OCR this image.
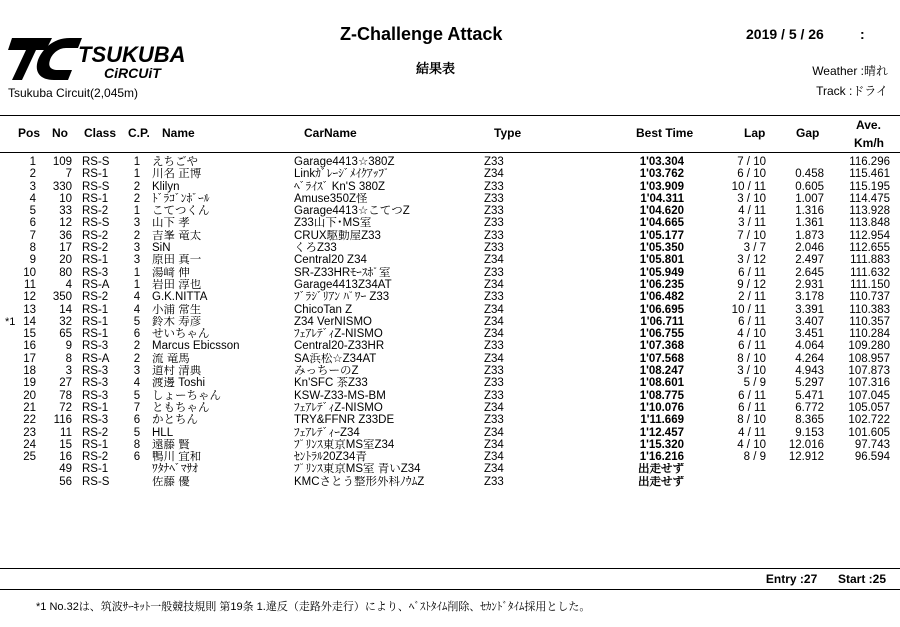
TSUKUBA
CiRCUiT
Tsukuba Circuit(2,045m)
Z-Challenge Attack
結果表
2019 / 5 / 26	:
Weather :晴れ
Track :ドライ
Pos No Class C.P. Name	CarName	Type	Best Time	Lap	Gap
Ave.
Km/h
1	109	RS-S	1	えちごや	Garage4413☆380Z	Z33	1'03.304	7 / 10		116.296
2	7	RS-1	1	川名 正博	Linkｶﾞﾚｰｼﾞﾒｲｸｱｯﾌﾟ	Z34	1'03.762	6 / 10	0.458	115.461
3	330	RS-S	2	Klilyn	ﾍﾞﾗｲｽﾞ Kn'S 380Z	Z33	1'03.909	10 / 11	0.605	115.195
4	10	RS-1	2	ﾄﾞﾗｺﾞﾝﾎﾞｰﾙ	Amuse350Z怪	Z33	1'04.311	3 / 10	1.007	114.475
5	33	RS-2	1	こてつくん	Garage4413☆こてつZ	Z33	1'04.620	4 / 11	1.316	113.928
6	12	RS-S	3	山下 孝	Z33山下･MS室	Z33	1'04.665	3 / 11	1.361	113.848
7	36	RS-2	2	吉峯 竜太	CRUX駆動屋Z33	Z33	1'05.177	7 / 10	1.873	112.954
8	17	RS-2	3	SiN	くろZ33	Z33	1'05.350	3 / 7	2.046	112.655
9	20	RS-1	3	原田 真一	Central20 Z34	Z34	1'05.801	3 / 12	2.497	111.883
10	80	RS-3	1	湯﨑 伸	SR-Z33HRﾓｰｽﾎﾟ室	Z33	1'05.949	6 / 11	2.645	111.632
11	4	RS-A	1	岩田 淳也	Garage4413Z34AT	Z34	1'06.235	9 / 12	2.931	111.150
12	350	RS-2	4	G.K.NITTA	ﾌﾞﾗｼﾞﾘｱﾝ ﾊﾟﾜｰ Z33	Z33	1'06.482	2 / 11	3.178	110.737
13	14	RS-1	4	小浦 常生	ChicoTan Z	Z34	1'06.695	10 / 11	3.391	110.383

*1 14	32	RS-1	5	鈴木 寿彦	Z34 VerNISMO	Z34	1'06.711	6 / 11	3.407	110.357
15	65	RS-1	6	せいちゃん	ﾌｪｱﾚﾃﾞｨZ-NISMO	Z34	1'06.755	4 / 10	3.451	110.284
16	9	RS-3	2	Marcus Ebicsson	Central20-Z33HR	Z33	1'07.368	6 / 11	4.064	109.280
17	8	RS-A	2	流 竜馬	SA浜松☆Z34AT	Z34	1'07.568	8 / 10	4.264	108.957
18	3	RS-3	3	道村 清典	みっちーのZ	Z33	1'08.247	3 / 10	4.943	107.873
19	27	RS-3	4	渡邊 Toshi	Kn'SFC 茶Z33	Z33	1'08.601	5 / 9	5.297	107.316
20	78	RS-3	5	しょーちゃん	KSW-Z33-MS-BM	Z33	1'08.775	6 / 11	5.471	107.045
21	72	RS-1	7	ともちゃん	ﾌｪｱﾚﾃﾞｨZ-NISMO	Z34	1'10.076	6 / 11	6.772	105.057
22	116	RS-3	6	かとちん	TRY&FFNR Z33DE	Z33	1'11.669	8 / 10	8.365	102.722
23	11	RS-2	5	HLL	ﾌｪｱﾚﾃﾞｨｰZ34	Z34	1'12.457	4 / 11	9.153	101.605
24	15	RS-1	8	遠藤 賢	ﾌﾟﾘﾝｽ東京MS室Z34	Z34	1'15.320	4 / 10	12.016	97.743
25	16	RS-2	6	鴨川 宜和	ｾﾝﾄﾗﾙ20Z34青	Z34	1'16.216	8 / 9	12.912	96.594
	49	RS-1		ﾜﾀﾅﾍﾞﾏｻｵ	ﾌﾟﾘﾝｽ東京MS室 青いZ34	Z34	出走せず			
	56	RS-S		佐藤 優	KMCさとう整形外科ﾉｳﾑZ	Z33	出走せず			
Entry :27 Start :25
*1 No.32は、筑波ｻｰｷｯﾄ一般競技規則 第19条 1.違反（走路外走行）により、ﾍﾞｽﾄﾀｲﾑ削除、ｾｶﾝﾄﾞﾀｲﾑ採用とした。
